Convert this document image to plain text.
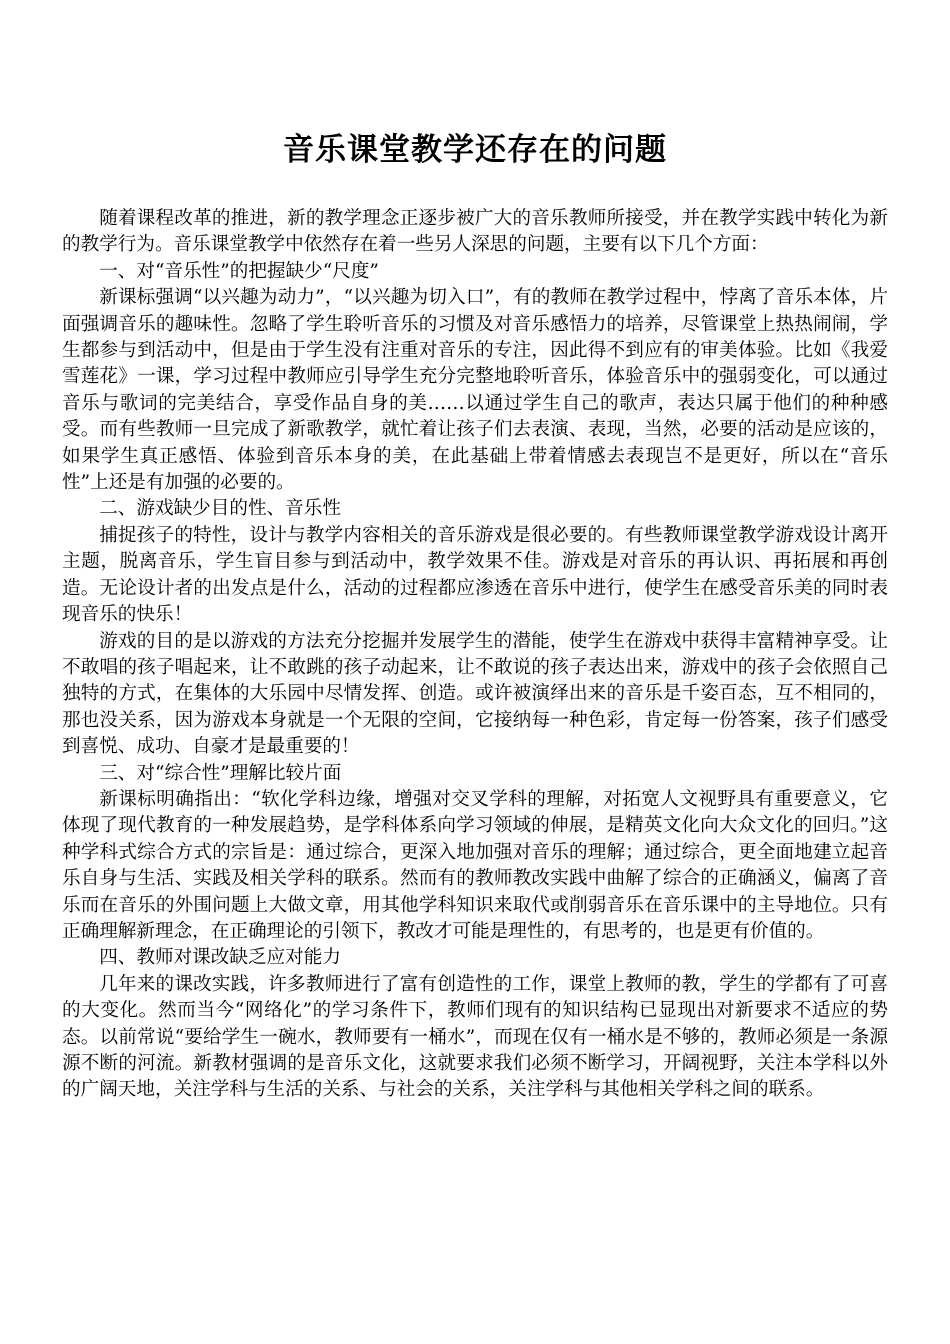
音乐课堂教学还存在的问题

随着课程改革的推进，新的教学理念正逐步被广大的音乐教师所接受，并在教学实践中转化为新的教学行为。音乐课堂教学中依然存在着一些另人深思的问题，主要有以下几个方面：

一、对“音乐性”的把握缺少“尺度”

新课标强调“以兴趣为动力”，“以兴趣为切入口”，有的教师在教学过程中，悖离了音乐本体，片面强调音乐的趣味性。忽略了学生聆听音乐的习惯及对音乐感悟力的培养，尽管课堂上热热闹闹，学生都参与到活动中，但是由于学生没有注重对音乐的专注，因此得不到应有的审美体验。比如《我爱雪莲花》一课，学习过程中教师应引导学生充分完整地聆听音乐，体验音乐中的强弱变化，可以通过音乐与歌词的完美结合，享受作品自身的美……以通过学生自己的歌声，表达只属于他们的种种感受。而有些教师一旦完成了新歌教学，就忙着让孩子们去表演、表现，当然，必要的活动是应该的，如果学生真正感悟、体验到音乐本身的美，在此基础上带着情感去表现岂不是更好，所以在“音乐性”上还是有加强的必要的。

二、游戏缺少目的性、音乐性

捕捉孩子的特性，设计与教学内容相关的音乐游戏是很必要的。有些教师课堂教学游戏设计离开主题，脱离音乐，学生盲目参与到活动中，教学效果不佳。游戏是对音乐的再认识、再拓展和再创造。无论设计者的出发点是什么，活动的过程都应渗透在音乐中进行，使学生在感受音乐美的同时表现音乐的快乐！

游戏的目的是以游戏的方法充分挖掘并发展学生的潜能，使学生在游戏中获得丰富精神享受。让不敢唱的孩子唱起来，让不敢跳的孩子动起来，让不敢说的孩子表达出来，游戏中的孩子会依照自己独特的方式，在集体的大乐园中尽情发挥、创造。或许被演绎出来的音乐是千姿百态，互不相同的，那也没关系，因为游戏本身就是一个无限的空间，它接纳每一种色彩，肯定每一份答案，孩子们感受到喜悦、成功、自豪才是最重要的！

三、对“综合性”理解比较片面

新课标明确指出：“软化学科边缘，增强对交叉学科的理解，对拓宽人文视野具有重要意义，它体现了现代教育的一种发展趋势，是学科体系向学习领域的伸展，是精英文化向大众文化的回归。”这种学科式综合方式的宗旨是：通过综合，更深入地加强对音乐的理解；通过综合，更全面地建立起音乐自身与生活、实践及相关学科的联系。然而有的教师教改实践中曲解了综合的正确涵义，偏离了音乐而在音乐的外围问题上大做文章，用其他学科知识来取代或削弱音乐在音乐课中的主导地位。只有正确理解新理念，在正确理论的引领下，教改才可能是理性的，有思考的，也是更有价值的。

四、教师对课改缺乏应对能力

几年来的课改实践，许多教师进行了富有创造性的工作，课堂上教师的教，学生的学都有了可喜的大变化。然而当今“网络化”的学习条件下，教师们现有的知识结构已显现出对新要求不适应的势态。以前常说“要给学生一碗水，教师要有一桶水”，而现在仅有一桶水是不够的，教师必须是一条源源不断的河流。新教材强调的是音乐文化，这就要求我们必须不断学习，开阔视野，关注本学科以外的广阔天地，关注学科与生活的关系、与社会的关系，关注学科与其他相关学科之间的联系。
